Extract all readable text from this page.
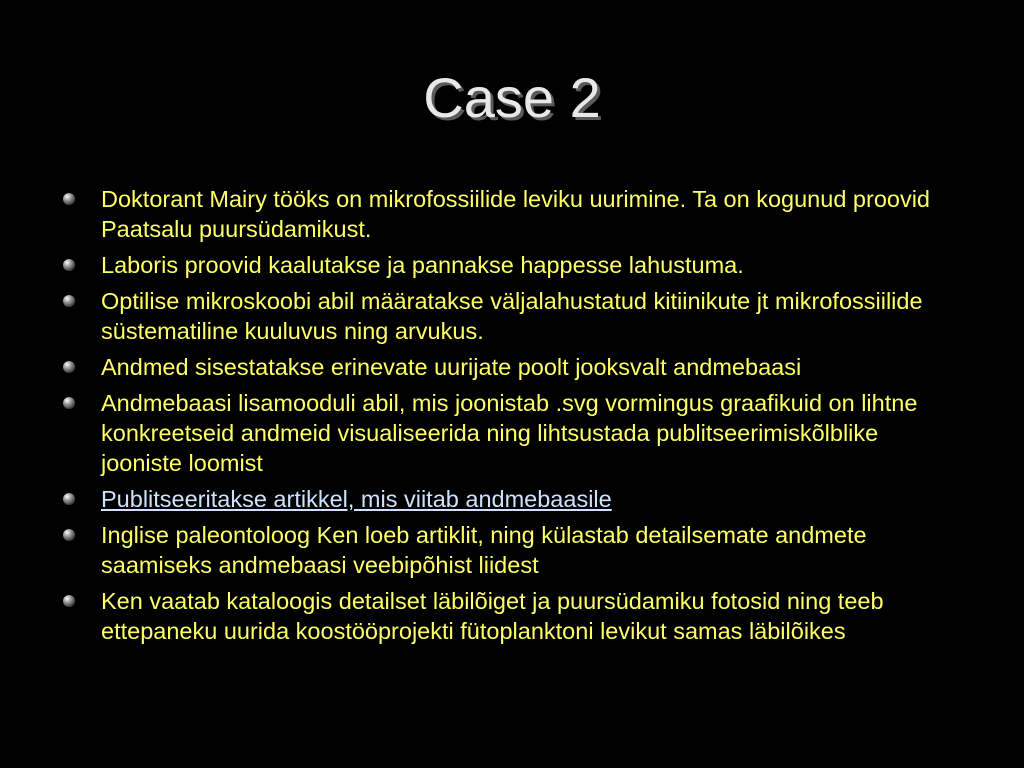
Case 2
Doktorant Mairy tööks on mikrofossiilide leviku uurimine. Ta on kogunud proovid Paatsalu puursüdamikust.
Laboris proovid kaalutakse ja pannakse happesse lahustuma.
Optilise mikroskoobi abil määratakse väljalahustatud kitiinikute jt mikrofossiilide süstematiline kuuluvus ning arvukus.
Andmed sisestatakse erinevate uurijate poolt jooksvalt andmebaasi
Andmebaasi lisamooduli abil, mis joonistab .svg vormingus graafikuid on lihtne konkreetseid andmeid visualiseerida ning lihtsustada publitseerimiskõlblike jooniste loomist
Publitseeritakse artikkel, mis viitab andmebaasile
Inglise paleontoloog Ken loeb artiklit, ning külastab detailsemate andmete saamiseks andmebaasi veebipõhist liidest
Ken vaatab kataloogis detailset läbilõiget ja puursüdamiku fotosid ning teeb ettepaneku uurida koostööprojekti fütoplanktoni levikut samas läbilõikes
